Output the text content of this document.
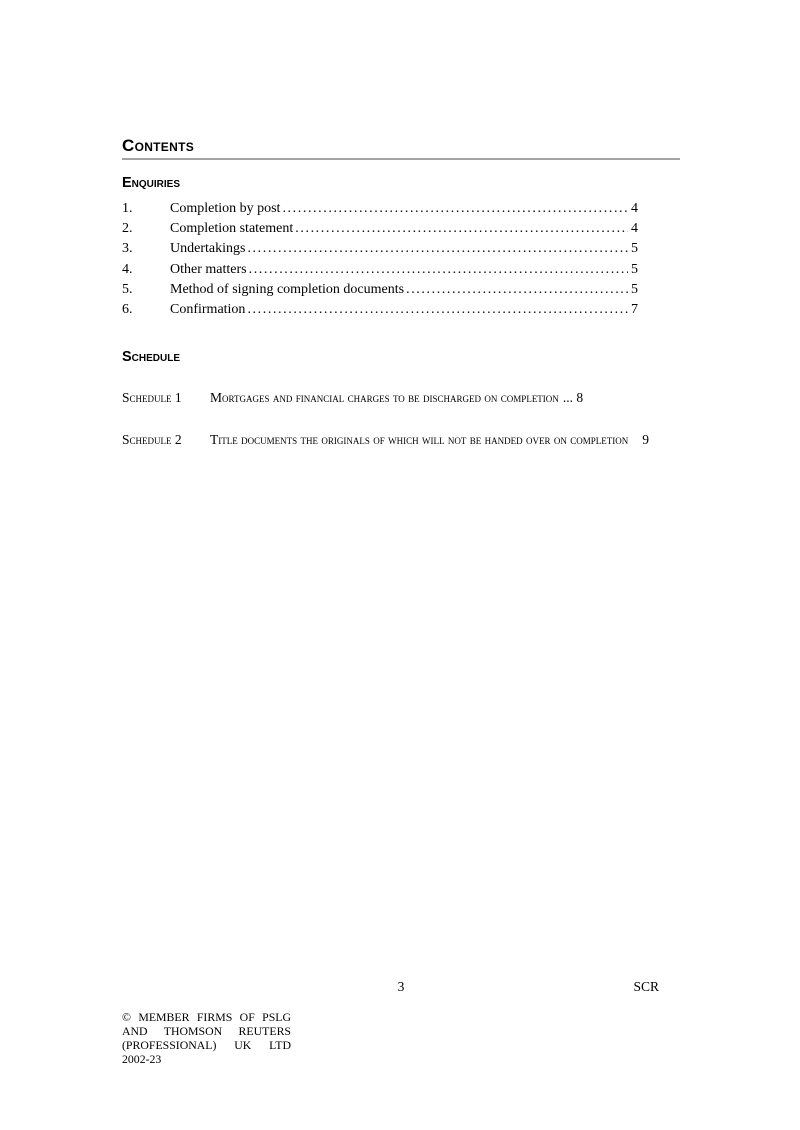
Contents
Enquiries
1.	Completion by post .....	4
2.	Completion statement .....	4
3.	Undertakings .....	5
4.	Other matters .....	5
5.	Method of signing completion documents .....	5
6.	Confirmation .....	7
Schedule

Schedule 1 Mortgages and financial charges to be discharged on completion ... 8

Schedule 2 Title documents the originals of which will not be handed over on completion 9

3	SCR
© MEMBER FIRMS OF PSLG AND THOMSON REUTERS (PROFESSIONAL) UK LTD 2002-23
